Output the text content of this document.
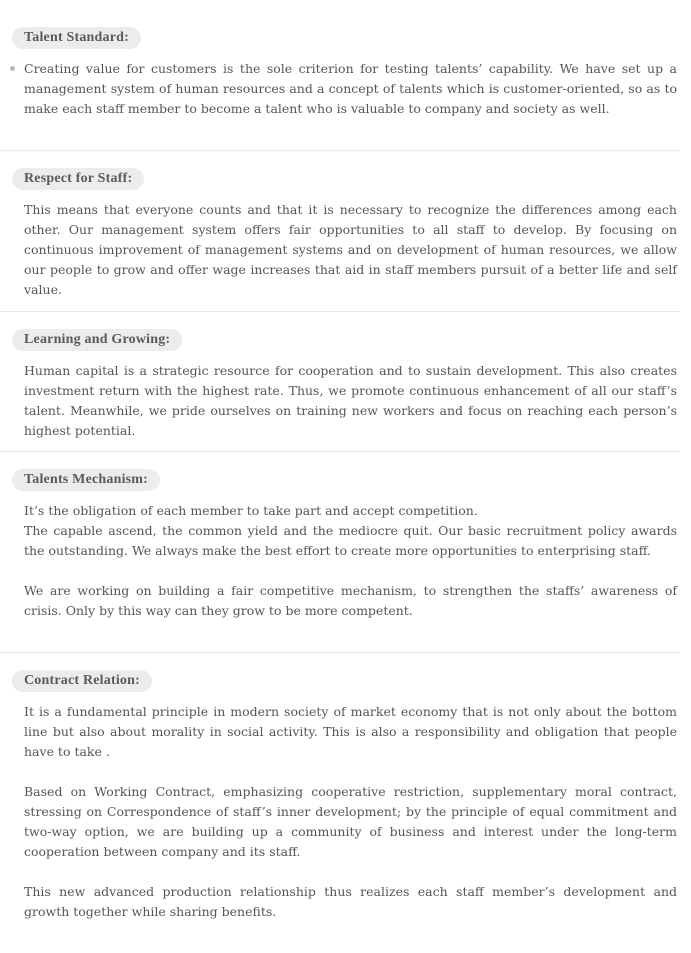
Talent Standard:

Creating value for customers is the sole criterion for testing talents’ capability. We have set up a management system of human resources and a concept of talents which is customer-oriented, so as to make each staff member to become a talent who is valuable to company and society as well.

Respect for Staff:

This means that everyone counts and that it is necessary to recognize the differences among each other. Our management system offers fair opportunities to all staff to develop. By focusing on continuous improvement of management systems and on development of human resources, we allow our people to grow and offer wage increases that aid in staff members pursuit of a better life and self value.

Learning and Growing:

Human capital is a strategic resource for cooperation and to sustain development. This also creates investment return with the highest rate. Thus, we promote continuous enhancement of all our staff’s talent. Meanwhile, we pride ourselves on training new workers and focus on reaching each person’s highest potential.

Talents Mechanism:

It’s the obligation of each member to take part and accept competition.
The capable ascend, the common yield and the mediocre quit. Our basic recruitment policy awards the outstanding. We always make the best effort to create more opportunities to enterprising staff.

We are working on building a fair competitive mechanism, to strengthen the staffs’ awareness of crisis. Only by this way can they grow to be more competent.

Contract Relation:

It is a fundamental principle in modern society of market economy that is not only about the bottom line but also about morality in social activity. This is also a responsibility and obligation that people have to take .

Based on Working Contract, emphasizing cooperative restriction, supplementary moral contract, stressing on Correspondence of staff’s inner development; by the principle of equal commitment and two-way option, we are building up a community of business and interest under the long-term cooperation between company and its staff.

This new advanced production relationship thus realizes each staff member’s development and growth together while sharing benefits.
